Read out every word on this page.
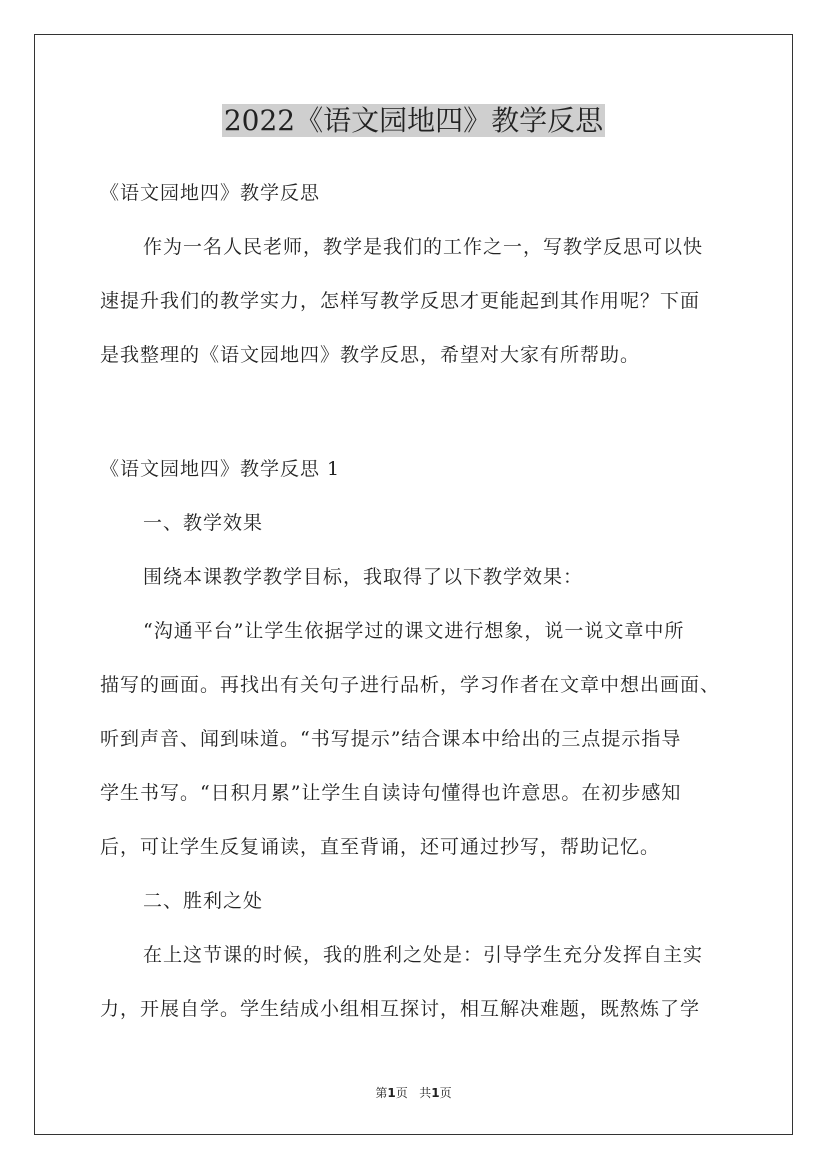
2022《语文园地四》教学反思
《语文园地四》教学反思
作为一名人民老师，教学是我们的工作之一，写教学反思可以快
速提升我们的教学实力，怎样写教学反思才更能起到其作用呢？下面
是我整理的《语文园地四》教学反思，希望对大家有所帮助。
《语文园地四》教学反思 1
一、教学效果
围绕本课教学教学目标，我取得了以下教学效果：
“沟通平台”让学生依据学过的课文进行想象，说一说文章中所
描写的画面。再找出有关句子进行品析，学习作者在文章中想出画面、
听到声音、闻到味道。“书写提示”结合课本中给出的三点提示指导
学生书写。“日积月累”让学生自读诗句懂得也许意思。在初步感知
后，可让学生反复诵读，直至背诵，还可通过抄写，帮助记忆。
二、胜利之处
在上这节课的时候，我的胜利之处是：引导学生充分发挥自主实
力，开展自学。学生结成小组相互探讨，相互解决难题，既熬炼了学
第1页 共1页
